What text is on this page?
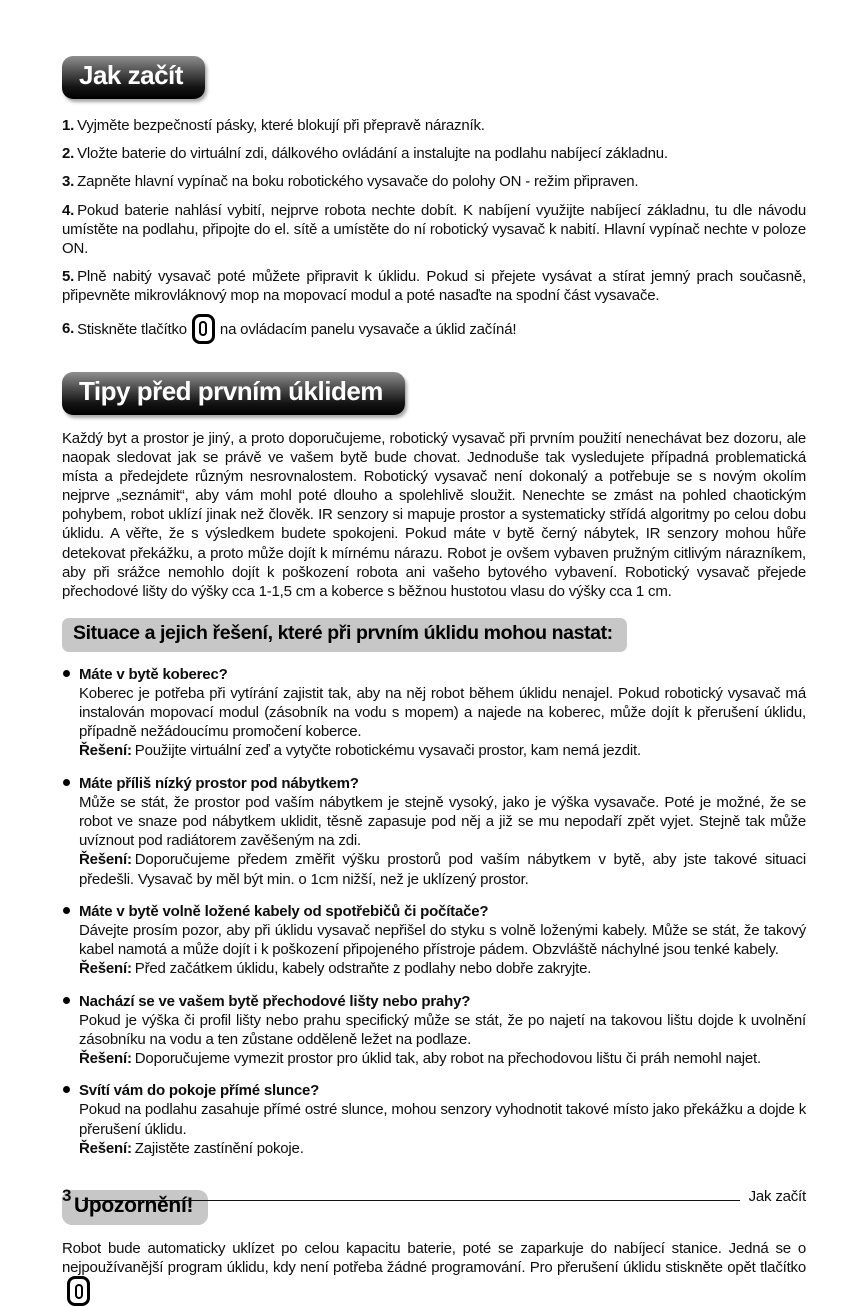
Jak začít

1. Vyjměte bezpečností pásky, které blokují při přepravě nárazník.

2. Vložte baterie do virtuální zdi, dálkového ovládání a instalujte na podlahu nabíjecí základnu.

3. Zapněte hlavní vypínač na boku robotického vysavače do polohy ON - režim připraven.

4. Pokud baterie nahlásí vybití, nejprve robota nechte dobít. K nabíjení využijte nabíjecí základnu, tu dle návodu umístěte na podlahu, připojte do el. sítě a umístěte do ní robotický vysavač k nabití. Hlavní vypínač nechte v poloze ON.

5. Plně nabitý vysavač poté můžete připravit k úklidu. Pokud si přejete vysávat a stírat jemný prach současně, připevněte mikrovláknový mop na mopovací modul a poté nasaďte na spodní část vysavače.

6. Stiskněte tlačítko na ovládacím panelu vysavače a úklid začíná!

Tipy před prvním úklidem

Každý byt a prostor je jiný, a proto doporučujeme, robotický vysavač při prvním použití nenechávat bez dozoru, ale naopak sledovat jak se právě ve vašem bytě bude chovat. Jednoduše tak vysledujete případná problematická místa a předejdete různým nesrovnalostem. Robotický vysavač není dokonalý a potřebuje se s novým okolím nejprve „seznámit“, aby vám mohl poté dlouho a spolehlivě sloužit. Nenechte se zmást na pohled chaotickým pohybem, robot uklízí jinak než člověk. IR senzory si mapuje prostor a systematicky střídá algoritmy po celou dobu úklidu. A věřte, že s výsledkem budete spokojeni. Pokud máte v bytě černý nábytek, IR senzory mohou hůře detekovat překážku, a proto může dojít k mírnému nárazu. Robot je ovšem vybaven pružným citlivým nárazníkem, aby při srážce nemohlo dojít k poškození robota ani vašeho bytového vybavení. Robotický vysavač přejede přechodové lišty do výšky cca 1-1,5 cm a koberce s běžnou hustotou vlasu do výšky cca 1 cm.

Situace a jejich řešení, které při prvním úklidu mohou nastat:
Máte v bytě koberec?
Koberec je potřeba při vytírání zajistit tak, aby na něj robot během úklidu nenajel. Pokud robotický vysavač má instalován mopovací modul (zásobník na vodu s mopem) a najede na koberec, může dojít k přerušení úklidu, případně nežádoucímu promočení koberce.
Řešení: Použijte virtuální zeď a vytyčte robotickému vysavači prostor, kam nemá jezdit.
Máte příliš nízký prostor pod nábytkem?
Může se stát, že prostor pod vaším nábytkem je stejně vysoký, jako je výška vysavače. Poté je možné, že se robot ve snaze pod nábytkem uklidit, těsně zapasuje pod něj a již se mu nepodaří zpět vyjet. Stejně tak může uvíznout pod radiátorem zavěšeným na zdi.
Řešení: Doporučujeme předem změřit výšku prostorů pod vaším nábytkem v bytě, aby jste takové situaci předešli. Vysavač by měl být min. o 1cm nižší, než je uklízený prostor.
Máte v bytě volně ložené kabely od spotřebičů či počítače?
Dávejte prosím pozor, aby při úklidu vysavač nepřišel do styku s volně loženými kabely. Může se stát, že takový kabel namotá a může dojít i k poškození připojeného přístroje pádem. Obzvláště náchylné jsou tenké kabely.
Řešení: Před začátkem úklidu, kabely odstraňte z podlahy nebo dobře zakryjte.
Nachází se ve vašem bytě přechodové lišty nebo prahy?
Pokud je výška či profil lišty nebo prahu specifický může se stát, že po najetí na takovou lištu dojde k uvolnění zásobníku na vodu a ten zůstane odděleně ležet na podlaze.
Řešení: Doporučujeme vymezit prostor pro úklid tak, aby robot na přechodovou lištu či práh nemohl najet.
Svítí vám do pokoje přímé slunce?
Pokud na podlahu zasahuje přímé ostré slunce, mohou senzory vyhodnotit takové místo jako překážku a dojde k přerušení úklidu.
Řešení: Zajistěte zastínění pokoje.
Upozornění!

Robot bude automaticky uklízet po celou kapacitu baterie, poté se zaparkuje do nabíjecí stanice. Jedná se o nejpoužívanější program úklidu, kdy není potřeba žádné programování. Pro přerušení úklidu stiskněte opět tlačítko

3	Jak začít
